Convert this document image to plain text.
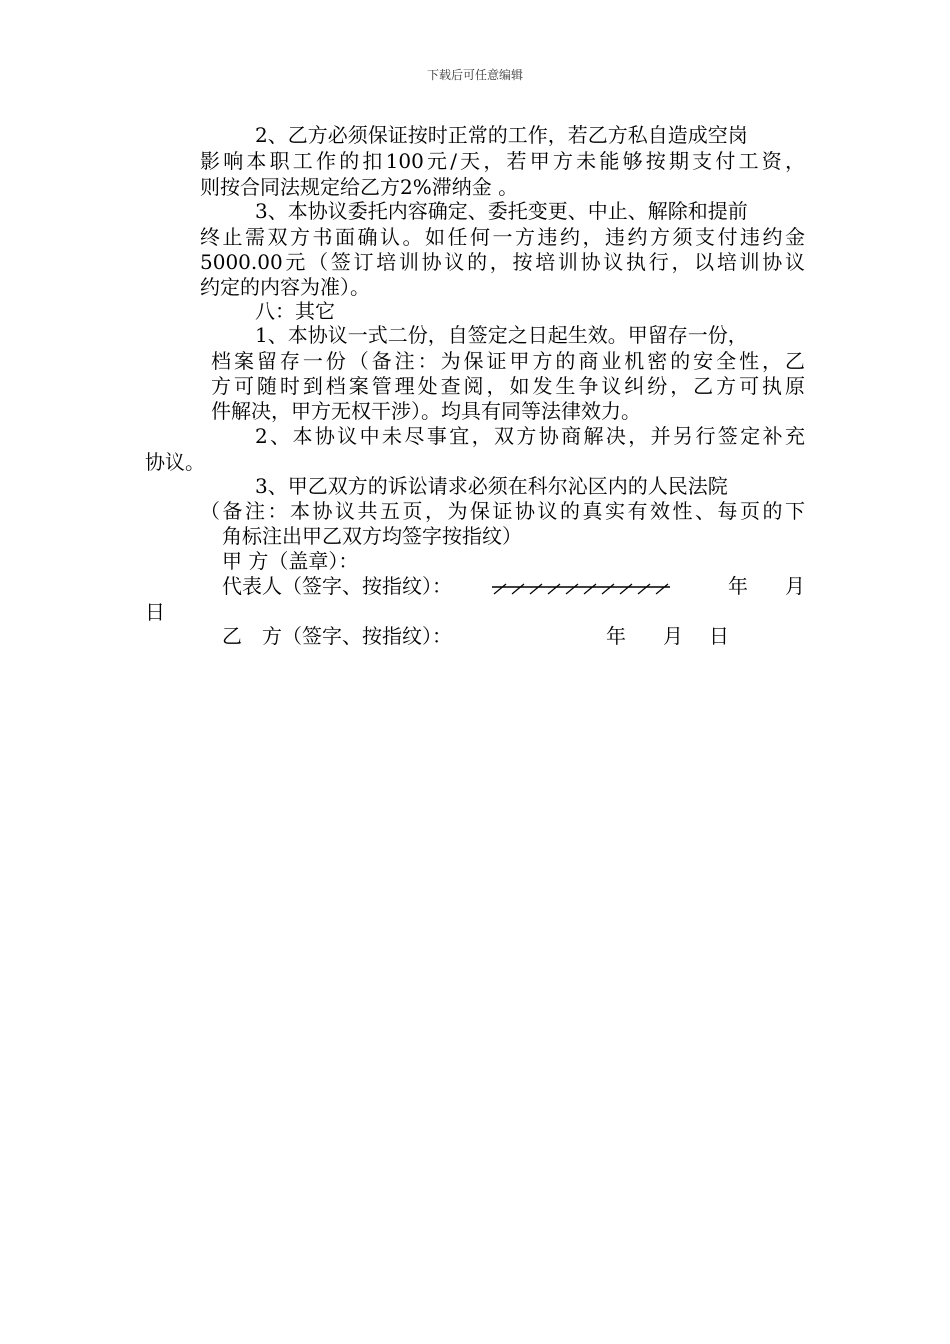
下载后可任意编辑
2、乙方必须保证按时正常的工作，若乙方私自造成空岗
影响本职工作的扣100元/天，若甲方未能够按期支付工资，
则按合同法规定给乙方2%滞纳金 。
3、本协议委托内容确定、委托变更、中止、解除和提前
终止需双方书面确认。如任何一方违约，违约方须支付违约金
5000.00元（签订培训协议的，按培训协议执行，以培训协议
约定的内容为准）。
八：其它
1、本协议一式二份，自签定之日起生效。甲留存一份，
档案留存一份（备注：为保证甲方的商业机密的安全性，乙
方可随时到档案管理处查阅，如发生争议纠纷，乙方可执原
件解决，甲方无权干涉）。均具有同等法律效力。
2、本协议中未尽事宜，双方协商解决，并另行签定补充
协议。
3、甲乙双方的诉讼请求必须在科尔沁区内的人民法院
（备注：本协议共五页，为保证协议的真实有效性、每页的下
角标注出甲乙双方均签字按指纹）
甲 方（盖章）：
代表人（签字、按指纹）：	年 月
日
乙　方（签字、按指纹）：	年 月 日
